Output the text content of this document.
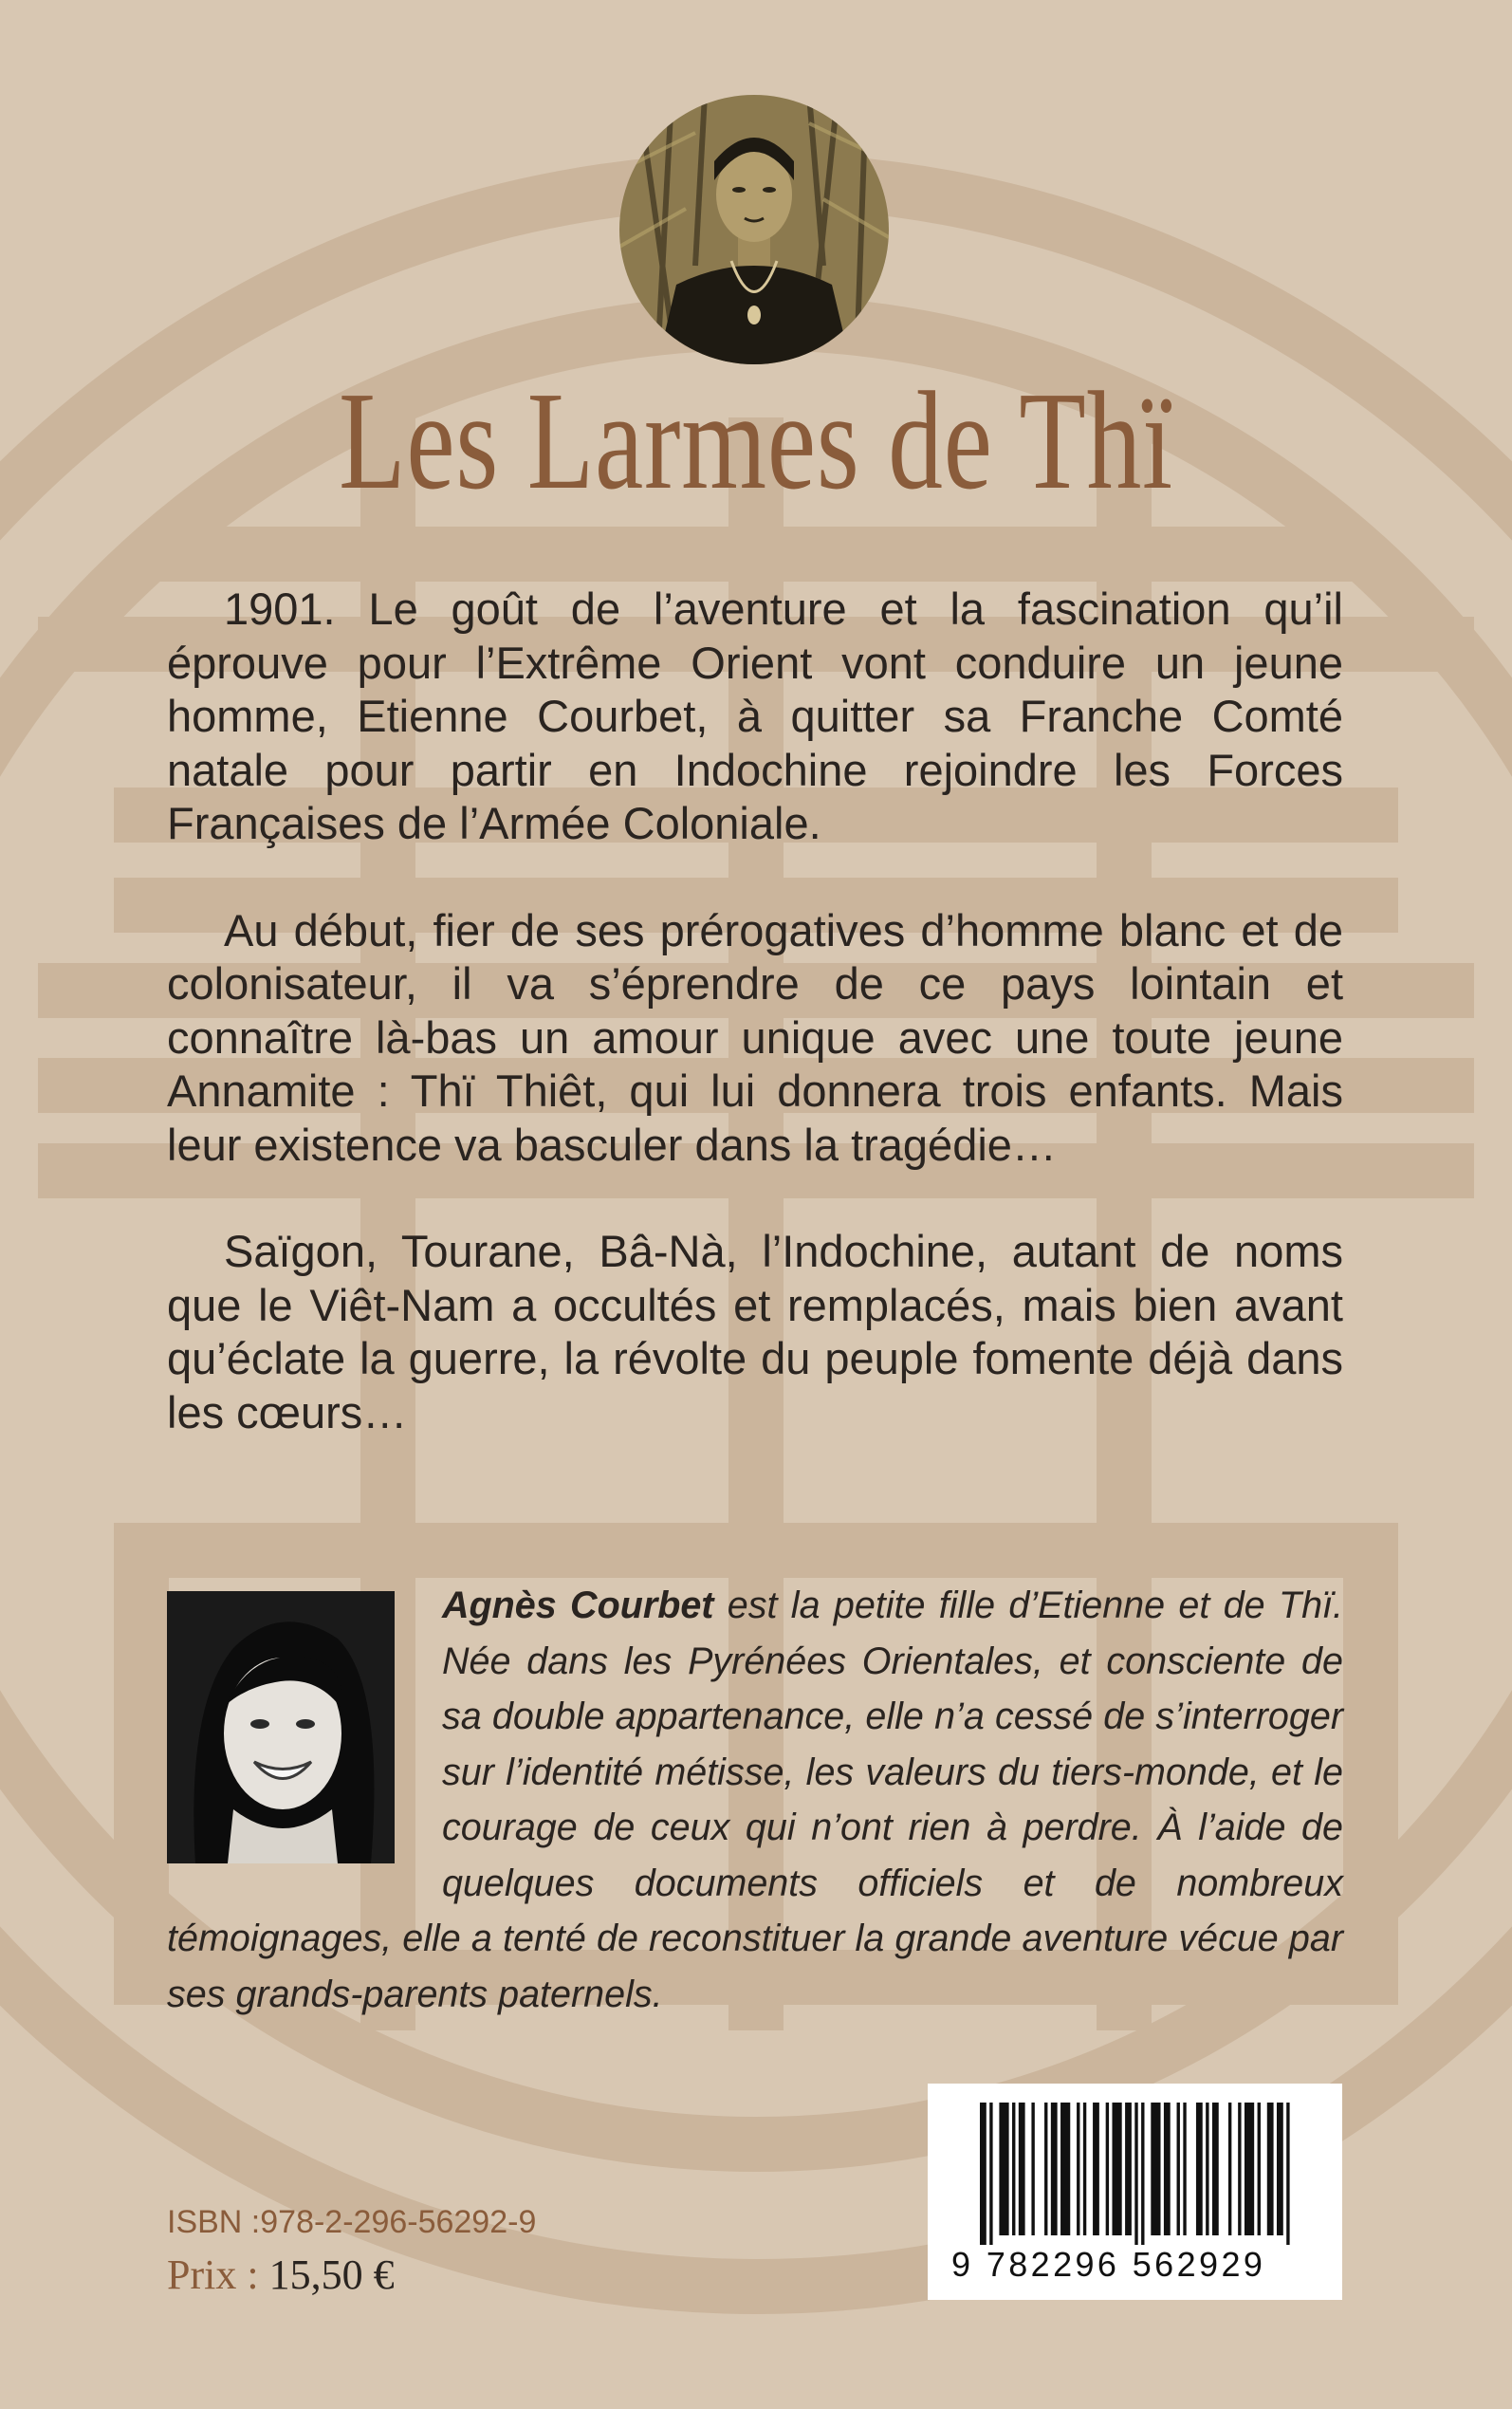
Les Larmes de Thï

1901. Le goût de l’aventure et la fascination qu’il éprouve pour l’Extrême Orient vont conduire un jeune homme, Etienne Courbet, à quitter sa Franche Comté natale pour partir en Indochine rejoindre les Forces Françaises de l’Armée Coloniale.

Au début, fier de ses prérogatives d’homme blanc et de colonisateur, il va s’éprendre de ce pays lointain et connaître là-bas un amour unique avec une toute jeune Annamite : Thï Thiêt, qui lui donnera trois enfants. Mais leur existence va basculer dans la tragédie…

Saïgon, Tourane, Bâ-Nà, l’Indochine, autant de noms que le Viêt-Nam a occultés et remplacés, mais bien avant qu’éclate la guerre, la révolte du peuple fomente déjà dans les cœurs…

Agnès Courbet est la petite fille d’Etienne et de Thï. Née dans les Pyrénées Orientales, et consciente de sa double appartenance, elle n’a cessé de s’interroger sur l’identité métisse, les valeurs du tiers-monde, et le courage de ceux qui n’ont rien à perdre. À l’aide de quelques documents officiels et de nombreux témoignages, elle a tenté de reconstituer la grande aventure vécue par ses grands-parents paternels.
ISBN :978-2-296-56292-9
Prix : 15,50 €	9 782296 562929
